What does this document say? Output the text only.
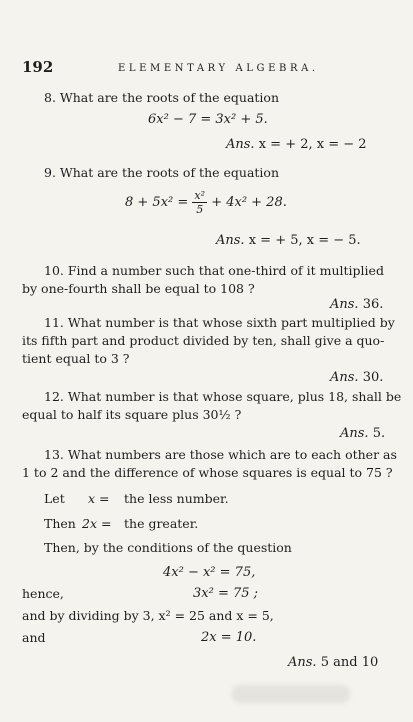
192	ELEMENTARY ALGEBRA.
8. What are the roots of the equation
6x² − 7 = 3x² + 5.
Ans. x = + 2, x = − 2
9. What are the roots of the equation
$8 + 5x^2 = \frac{\text{x²}}{5} + 4x^2 + 28$.
Ans. x = + 5, x = − 5.
10. Find a number such that one-third of it multiplied
by one-fourth shall be equal to 108 ?
Ans. 36.
11. What number is that whose sixth part multiplied by
its fifth part and product divided by ten, shall give a quo-
tient equal to 3 ?
Ans. 30.
12. What number is that whose square, plus 18, shall be
equal to half its square plus 30½ ?
Ans. 5.
13. What numbers are those which are to each other as
1 to 2 and the difference of whose squares is equal to 75 ?
Let x = the less number.
Then 2x = the greater.
Then, by the conditions of the question
4x² − x² = 75,
hence,	3x² = 75 ;
and by dividing by 3, x² = 25 and x = 5,
and	2x = 10.
Ans. 5 and 10
